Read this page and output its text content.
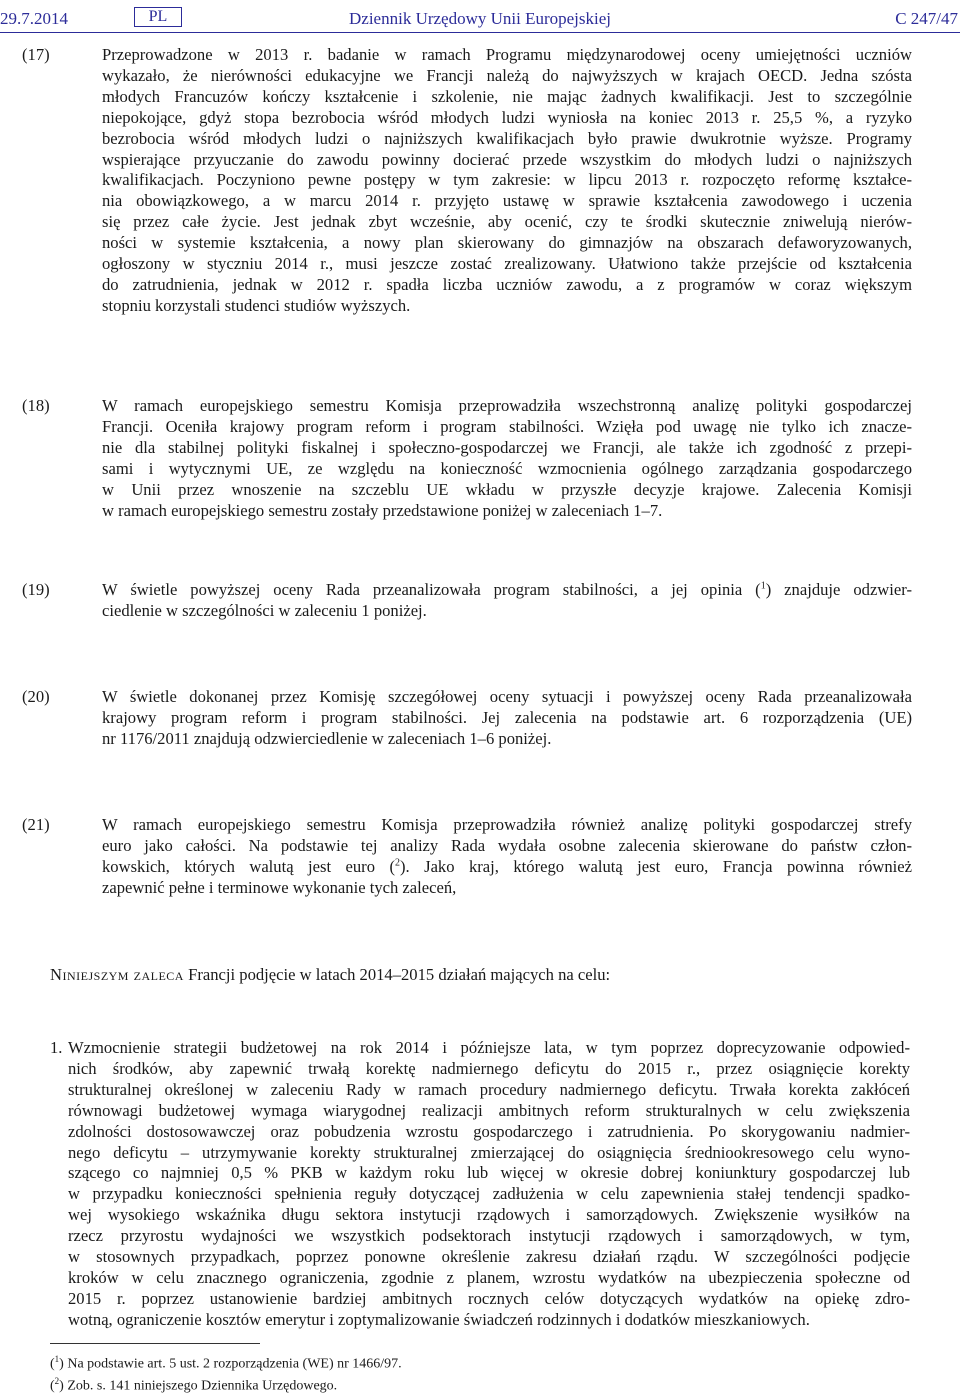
29.7.2014	PL	Dziennik Urzędowy Unii Europejskiej	C 247/47
(17)	Przeprowadzone w 2013 r. badanie w ramach Programu międzynarodowej oceny umiejętności uczniów
wykazało, że nierówności edukacyjne we Francji należą do najwyższych w krajach OECD. Jedna szósta
młodych Francuzów kończy kształcenie i szkolenie, nie mając żadnych kwalifikacji. Jest to szczególnie
niepokojące, gdyż stopa bezrobocia wśród młodych ludzi wyniosła na koniec 2013 r. 25,5 %, a ryzyko
bezrobocia wśród młodych ludzi o najniższych kwalifikacjach było prawie dwukrotnie wyższe. Programy
wspierające przyuczanie do zawodu powinny docierać przede wszystkim do młodych ludzi o najniższych
kwalifikacjach. Poczyniono pewne postępy w tym zakresie: w lipcu 2013 r. rozpoczęto reformę kształce-
nia obowiązkowego, a w marcu 2014 r. przyjęto ustawę w sprawie kształcenia zawodowego i uczenia
się przez całe życie. Jest jednak zbyt wcześnie, aby ocenić, czy te środki skutecznie zniwelują nierów-
ności w systemie kształcenia, a nowy plan skierowany do gimnazjów na obszarach defaworyzowanych,
ogłoszony w styczniu 2014 r., musi jeszcze zostać zrealizowany. Ułatwiono także przejście od kształcenia
do zatrudnienia, jednak w 2012 r. spadła liczba uczniów zawodu, a z programów w coraz większym
stopniu korzystali studenci studiów wyższych.
(18)	W ramach europejskiego semestru Komisja przeprowadziła wszechstronną analizę polityki gospodarczej
Francji. Oceniła krajowy program reform i program stabilności. Wzięła pod uwagę nie tylko ich znacze-
nie dla stabilnej polityki fiskalnej i społeczno-gospodarczej we Francji, ale także ich zgodność z przepi-
sami i wytycznymi UE, ze względu na konieczność wzmocnienia ogólnego zarządzania gospodarczego
w Unii przez wnoszenie na szczeblu UE wkładu w przyszłe decyzje krajowe. Zalecenia Komisji
w ramach europejskiego semestru zostały przedstawione poniżej w zaleceniach 1–7.
(19)	W świetle powyższej oceny Rada przeanalizowała program stabilności, a jej opinia ($^1$) znajduje odzwier-
ciedlenie w szczególności w zaleceniu 1 poniżej.
(20)	W świetle dokonanej przez Komisję szczegółowej oceny sytuacji i powyższej oceny Rada przeanalizowała
krajowy program reform i program stabilności. Jej zalecenia na podstawie art. 6 rozporządzenia (UE)
nr 1176/2011 znajdują odzwierciedlenie w zaleceniach 1–6 poniżej.
(21)	W ramach europejskiego semestru Komisja przeprowadziła również analizę polityki gospodarczej strefy
euro jako całości. Na podstawie tej analizy Rada wydała osobne zalecenia skierowane do państw człon-
kowskich, których walutą jest euro ($^2$). Jako kraj, którego walutą jest euro, Francja powinna również
zapewnić pełne i terminowe wykonanie tych zaleceń,
Niniejszym zaleca Francji podjęcie w latach 2014–2015 działań mających na celu:
1. Wzmocnienie strategii budżetowej na rok 2014 i późniejsze lata, w tym poprzez doprecyzowanie odpowied-
nich środków, aby zapewnić trwałą korektę nadmiernego deficytu do 2015 r., przez osiągnięcie korekty
strukturalnej określonej w zaleceniu Rady w ramach procedury nadmiernego deficytu. Trwała korekta zakłóceń
równowagi budżetowej wymaga wiarygodnej realizacji ambitnych reform strukturalnych w celu zwiększenia
zdolności dostosowawczej oraz pobudzenia wzrostu gospodarczego i zatrudnienia. Po skorygowaniu nadmier-
nego deficytu – utrzymywanie korekty strukturalnej zmierzającej do osiągnięcia średniookresowego celu wyno-
szącego co najmniej 0,5 % PKB w każdym roku lub więcej w okresie dobrej koniunktury gospodarczej lub
w przypadku konieczności spełnienia reguły dotyczącej zadłużenia w celu zapewnienia stałej tendencji spadko-
wej wysokiego wskaźnika długu sektora instytucji rządowych i samorządowych. Zwiększenie wysiłków na
rzecz przyrostu wydajności we wszystkich podsektorach instytucji rządowych i samorządowych, w tym,
w stosownych przypadkach, poprzez ponowne określenie zakresu działań rządu. W szczególności podjęcie
kroków w celu znacznego ograniczenia, zgodnie z planem, wzrostu wydatków na ubezpieczenia społeczne od
2015 r. poprzez ustanowienie bardziej ambitnych rocznych celów dotyczących wydatków na opiekę zdro-
wotną, ograniczenie kosztów emerytur i zoptymalizowanie świadczeń rodzinnych i dodatków mieszkaniowych.
($^1$) Na podstawie art. 5 ust. 2 rozporządzenia (WE) nr 1466/97.
($^2$) Zob. s. 141 niniejszego Dziennika Urzędowego.
